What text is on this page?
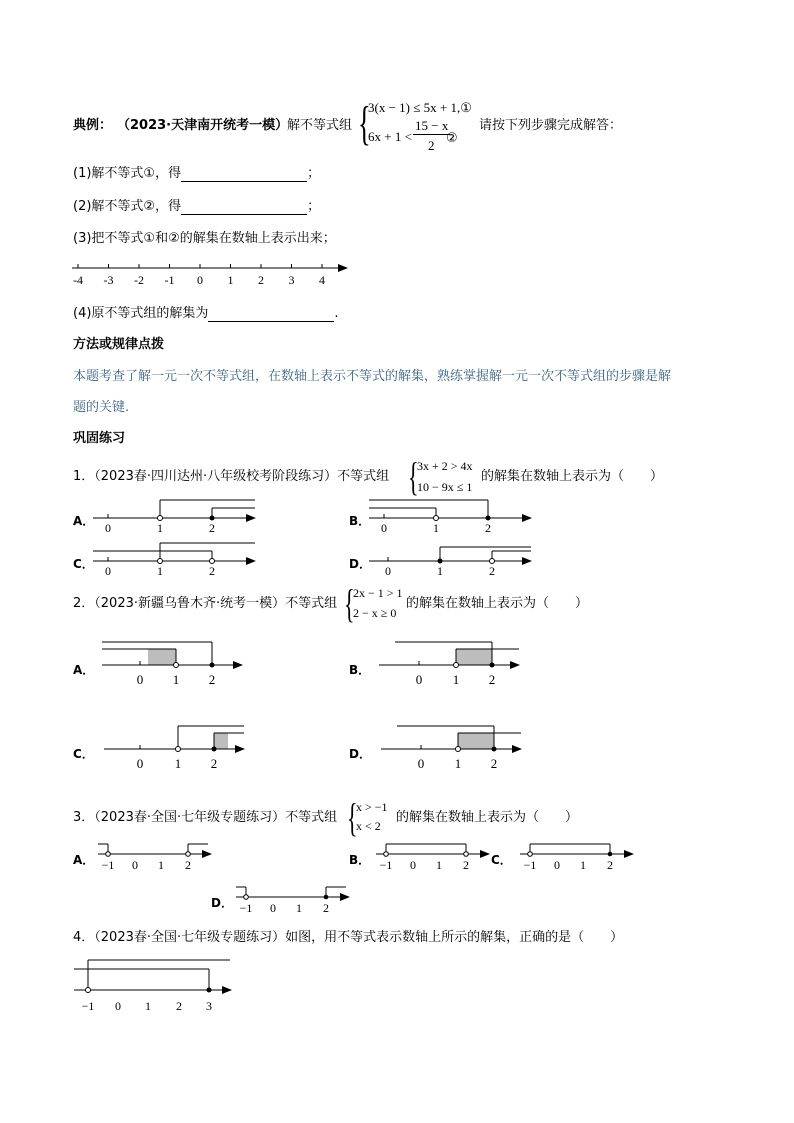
典例： （2023·天津南开统考一模）
解不等式组 {
3(x − 1) ≤ 5x + 1,①
6x + 1 <
15 − x
2 ②
请按下列步骤完成解答：
(1)解不等式①，得	；
(2)解不等式②，得	；
(3)把不等式①和②的解集在数轴上表示出来；
-4 -3 -2 -1 0 1 2 3 4
(4)原不等式组的解集为	.
方法或规律点拨
本题考查了解一元一次不等式组，在数轴上表示不等式的解集，熟练掌握解一元一次不等式组的步骤是解
题的关键.
巩固练习
1．（2023春·四川达州·八年级校考阶段练习）不等式组 {
3x + 2 > 4x
10 − 9x ≤ 1
的解集在数轴上表示为（　　）
A． 0	1	2	B． 0	1	2
C． 0	1	2	D． 0	1	2
2．（2023·新疆乌鲁木齐·统考一模）不等式组 {
2x − 1 > 1
2 − x ≥ 0
的解集在数轴上表示为（　　）
A．
0 1 2
B．
0 1 2
C．
0 1 2
D．
0 1 2
3．（2023春·全国·七年级专题练习）不等式组 {
x > −1
x < 2
的解集在数轴上表示为（　　）
A． −1 0 1 2	B． −1 0 1 2 C． −1 0 1 2
D． −1 0 1 2
4．（2023春·全国·七年级专题练习）如图，用不等式表示数轴上所示的解集，正确的是（　　）
−1 0 1 2 3
